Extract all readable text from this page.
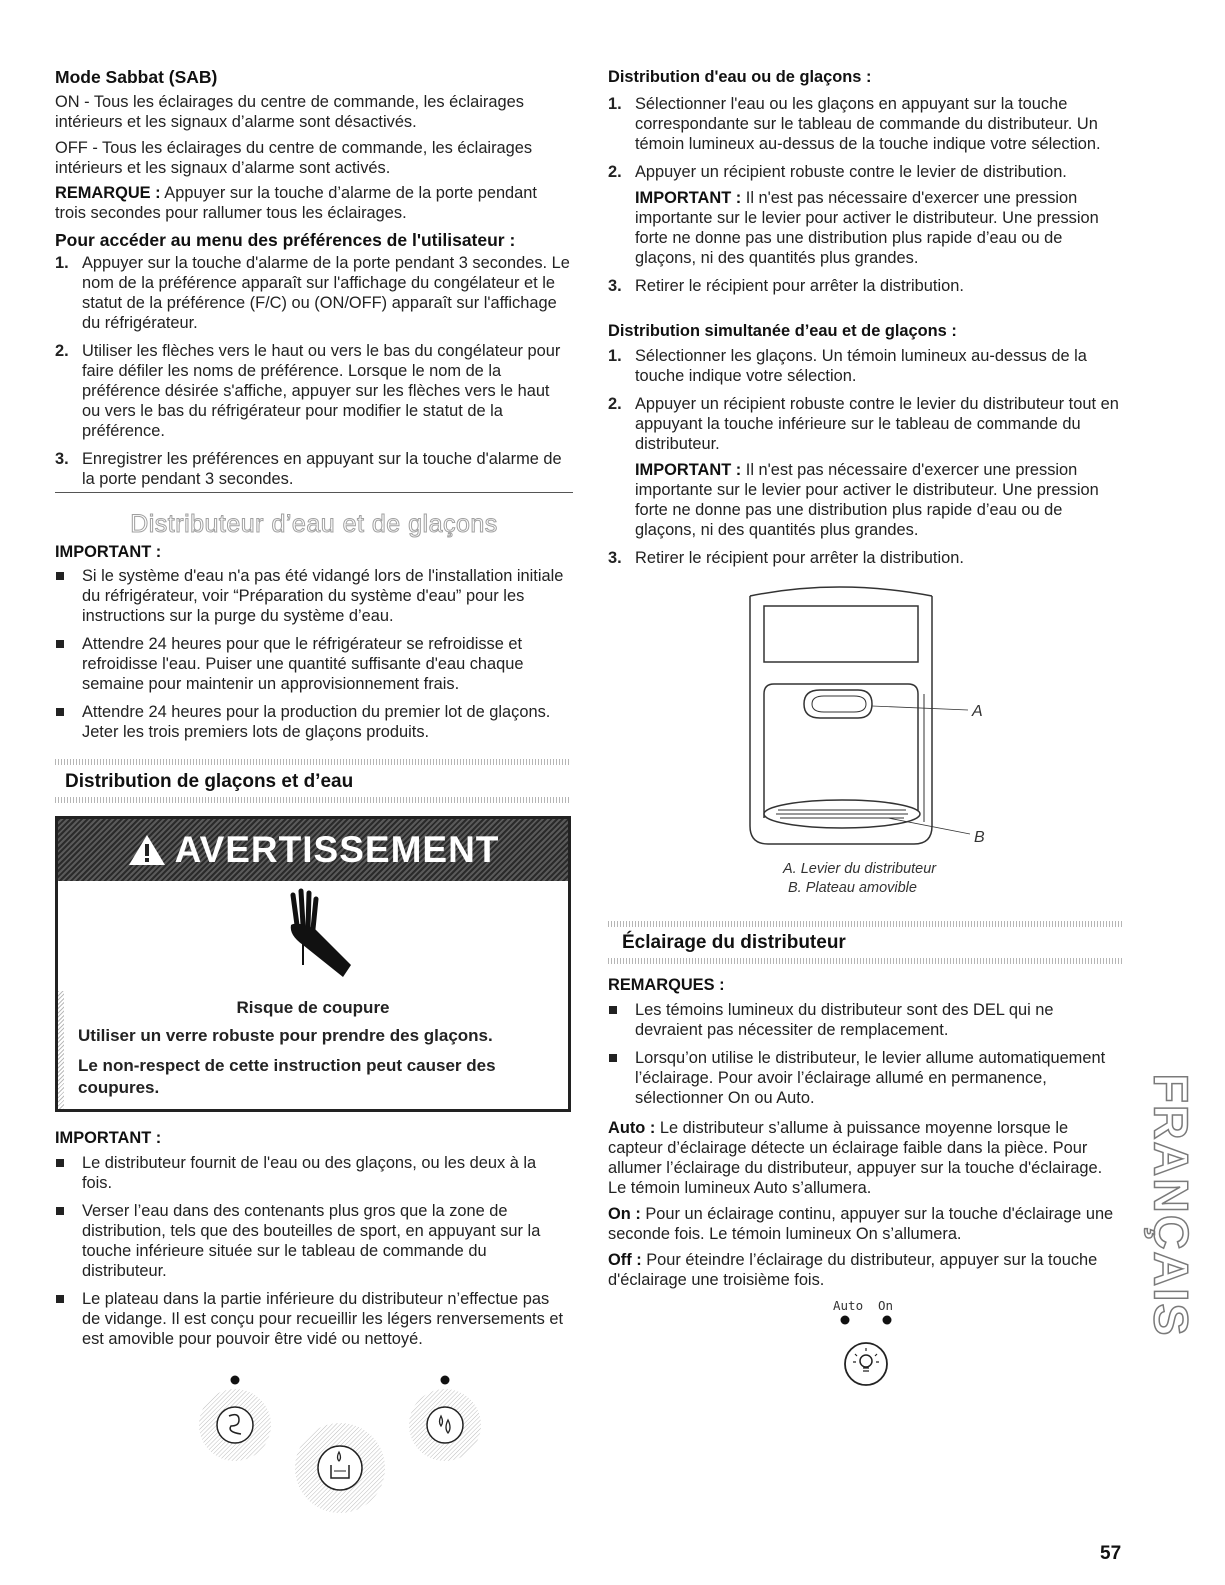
Mode Sabbat (SAB)

ON - Tous les éclairages du centre de commande, les éclairages intérieurs et les signaux d’alarme sont désactivés.

OFF - Tous les éclairages du centre de commande, les éclairages intérieurs et les signaux d’alarme sont activés.

REMARQUE : Appuyer sur la touche d’alarme de la porte pendant trois secondes pour rallumer tous les éclairages.

Pour accéder au menu des préférences de l'utilisateur :
1. Appuyer sur la touche d'alarme de la porte pendant 3 secondes. Le nom de la préférence apparaît sur l'affichage du congélateur et le statut de la préférence (F/C) ou (ON/OFF) apparaît sur l'affichage du réfrigérateur.
2. Utiliser les flèches vers le haut ou vers le bas du congélateur pour faire défiler les noms de préférence. Lorsque le nom de la préférence désirée s'affiche, appuyer sur les flèches vers le haut ou vers le bas du réfrigérateur pour modifier le statut de la préférence.
3. Enregistrer les préférences en appuyant sur la touche d'alarme de la porte pendant 3 secondes.
Distributeur d’eau et de glaçons
IMPORTANT :
Si le système d'eau n'a pas été vidangé lors de l'installation initiale du réfrigérateur, voir “Préparation du système d'eau” pour les instructions sur la purge du système d’eau.
Attendre 24 heures pour que le réfrigérateur se refroidisse et refroidisse l'eau. Puiser une quantité suffisante d'eau chaque semaine pour maintenir un approvisionnement frais.
Attendre 24 heures pour la production du premier lot de glaçons. Jeter les trois premiers lots de glaçons produits.
Distribution de glaçons et d’eau
AVERTISSEMENT
Risque de coupure
Utiliser un verre robuste pour prendre des glaçons.
Le non-respect de cette instruction peut causer des coupures.
IMPORTANT :
Le distributeur fournit de l'eau ou des glaçons, ou les deux à la fois.
Verser l’eau dans des contenants plus gros que la zone de distribution, tels que des bouteilles de sport, en appuyant sur la touche inférieure située sur le tableau de commande du distributeur.
Le plateau dans la partie inférieure du distributeur n’effectue pas de vidange. Il est conçu pour recueillir les légers renversements et est amovible pour pouvoir être vidé ou nettoyé.
Distribution d'eau ou de glaçons :
1. Sélectionner l'eau ou les glaçons en appuyant sur la touche correspondante sur le tableau de commande du distributeur. Un témoin lumineux au-dessus de la touche indique votre sélection.
2. Appuyer un récipient robuste contre le levier de distribution.
IMPORTANT : Il n'est pas nécessaire d'exercer une pression importante sur le levier pour activer le distributeur. Une pression forte ne donne pas une distribution plus rapide d’eau ou de glaçons, ni des quantités plus grandes.
3. Retirer le récipient pour arrêter la distribution.
Distribution simultanée d’eau et de glaçons :
1. Sélectionner les glaçons. Un témoin lumineux au-dessus de la touche indique votre sélection.
2. Appuyer un récipient robuste contre le levier du distributeur tout en appuyant la touche inférieure sur le tableau de commande du distributeur.
IMPORTANT : Il n'est pas nécessaire d'exercer une pression importante sur le levier pour activer le distributeur. Une pression forte ne donne pas une distribution plus rapide d’eau ou de glaçons, ni des quantités plus grandes.
3. Retirer le récipient pour arrêter la distribution.
A
B
A. Levier du distributeur
B. Plateau amovible
Éclairage du distributeur
REMARQUES :
Les témoins lumineux du distributeur sont des DEL qui ne devraient pas nécessiter de remplacement.
Lorsqu’on utilise le distributeur, le levier allume automatiquement l’éclairage. Pour avoir l’éclairage allumé en permanence, sélectionner On ou Auto.

Auto : Le distributeur s’allume à puissance moyenne lorsque le capteur d’éclairage détecte un éclairage faible dans la pièce. Pour allumer l’éclairage du distributeur, appuyer sur la touche d'éclairage. Le témoin lumineux Auto s’allumera.

On : Pour un éclairage continu, appuyer sur la touche d'éclairage une seconde fois. Le témoin lumineux On s’allumera.

Off : Pour éteindre l’éclairage du distributeur, appuyer sur la touche d'éclairage une troisième fois.

Auto On	FRANÇAIS
57
